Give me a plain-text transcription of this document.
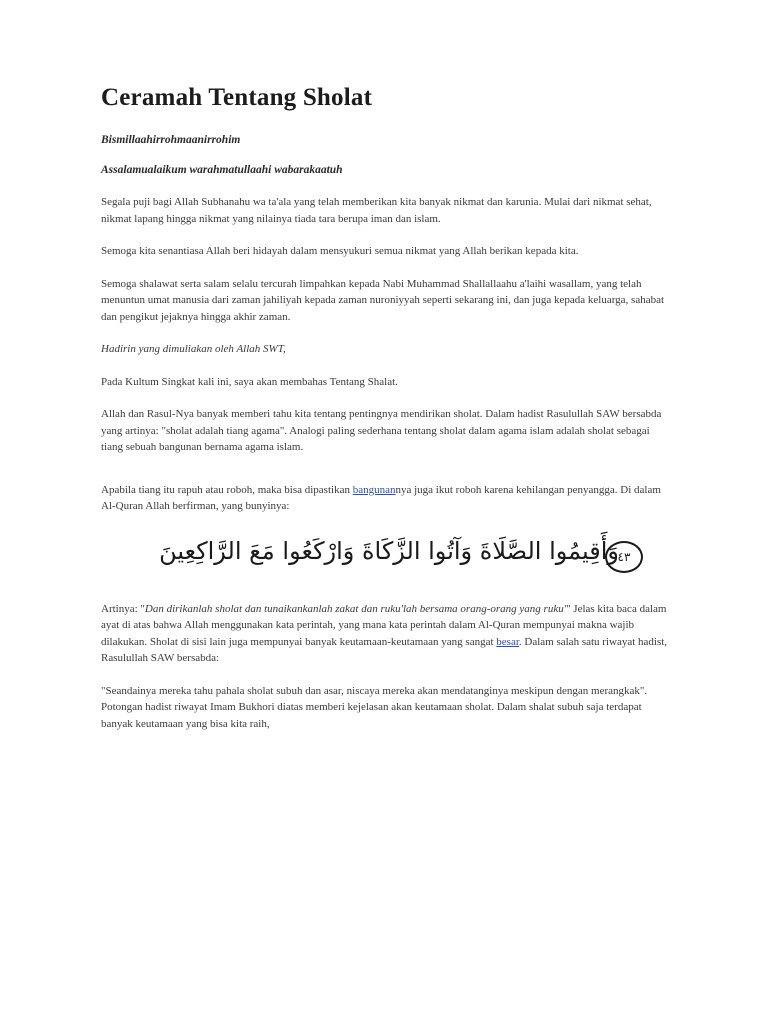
Ceramah Tentang Sholat
Bismillaahirrohmaanirrohim
Assalamualaikum warahmatullaahi wabarakaatuh

Segala puji bagi Allah Subhanahu wa ta'ala yang telah memberikan kita banyak nikmat dan karunia. Mulai dari nikmat sehat, nikmat lapang hingga nikmat yang nilainya tiada tara berupa iman dan islam.

Semoga kita senantiasa Allah beri hidayah dalam mensyukuri semua nikmat yang Allah berikan kepada kita.

Semoga shalawat serta salam selalu tercurah limpahkan kepada Nabi Muhammad Shallallaahu a'laihi wasallam, yang telah menuntun umat manusia dari zaman jahiliyah kepada zaman nuroniyyah seperti sekarang ini, dan juga kepada keluarga, sahabat dan pengikut jejaknya hingga akhir zaman.

Hadirin yang dimuliakan oleh Allah SWT,

Pada Kultum Singkat kali ini, saya akan membahas Tentang Shalat.

Allah dan Rasul-Nya banyak memberi tahu kita tentang pentingnya mendirikan sholat. Dalam hadist Rasulullah SAW bersabda yang artinya: "sholat adalah tiang agama". Analogi paling sederhana tentang sholat dalam agama islam adalah sholat sebagai tiang sebuah bangunan bernama agama islam.

Apabila tiang itu rapuh atau roboh, maka bisa dipastikan bangunannya juga ikut roboh karena kehilangan penyangga. Di dalam Al-Quran Allah berfirman, yang bunyinya:

٤٣
وَأَقِيمُوا الصَّلَاةَ وَآتُوا الزَّكَاةَ وَارْكَعُوا مَعَ الرَّاكِعِينَ

Artinya: "Dan dirikanlah sholat dan tunaikankanlah zakat dan ruku'lah bersama orang-orang yang ruku'" Jelas kita baca dalam ayat di atas bahwa Allah menggunakan kata perintah, yang mana kata perintah dalam Al-Quran mempunyai makna wajib dilakukan. Sholat di sisi lain juga mempunyai banyak keutamaan-keutamaan yang sangat besar. Dalam salah satu riwayat hadist, Rasulullah SAW bersabda:

"Seandainya mereka tahu pahala sholat subuh dan asar, niscaya mereka akan mendatanginya meskipun dengan merangkak". Potongan hadist riwayat Imam Bukhori diatas memberi kejelasan akan keutamaan sholat. Dalam shalat subuh saja terdapat banyak keutamaan yang bisa kita raih,
